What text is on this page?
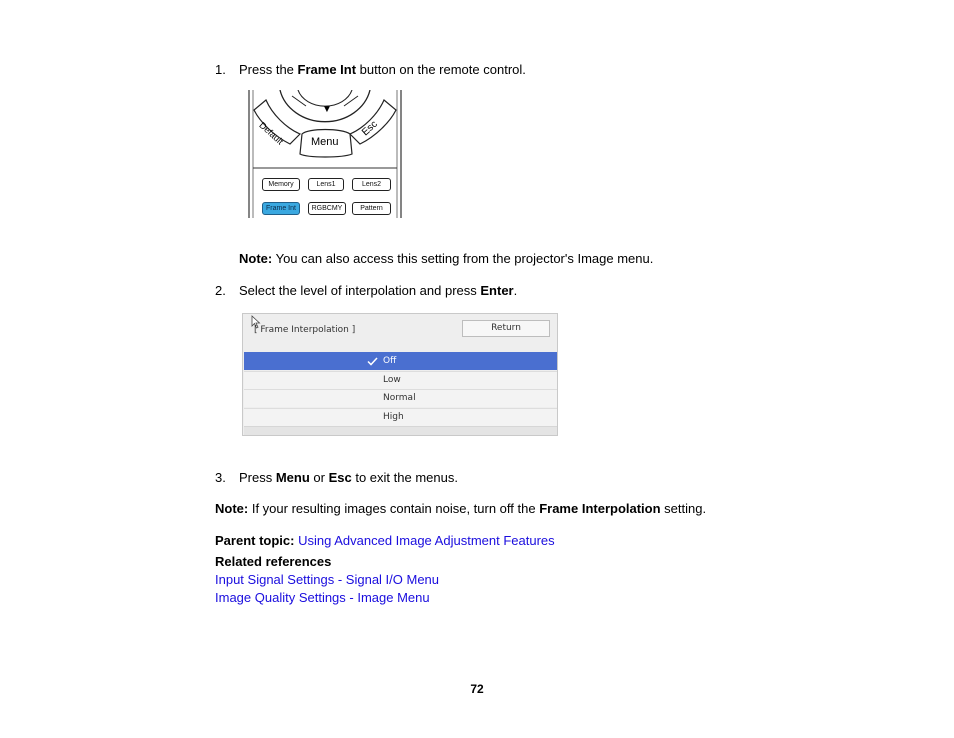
1.	Press the Frame Int button on the remote control.
▼
Default Menu
Esc
Memory	Lens1	Lens2
Frame Int	RGBCMY	Pattern
Note: You can also access this setting from the projector's Image menu.
2.	Select the level of interpolation and press Enter.
[ Frame Interpolation ]	Return
Off
Low
Normal
High
3.	Press Menu or Esc to exit the menus.
Note: If your resulting images contain noise, turn off the Frame Interpolation setting.
Parent topic: Using Advanced Image Adjustment Features
Related references
Input Signal Settings - Signal I/O Menu
Image Quality Settings - Image Menu
72
